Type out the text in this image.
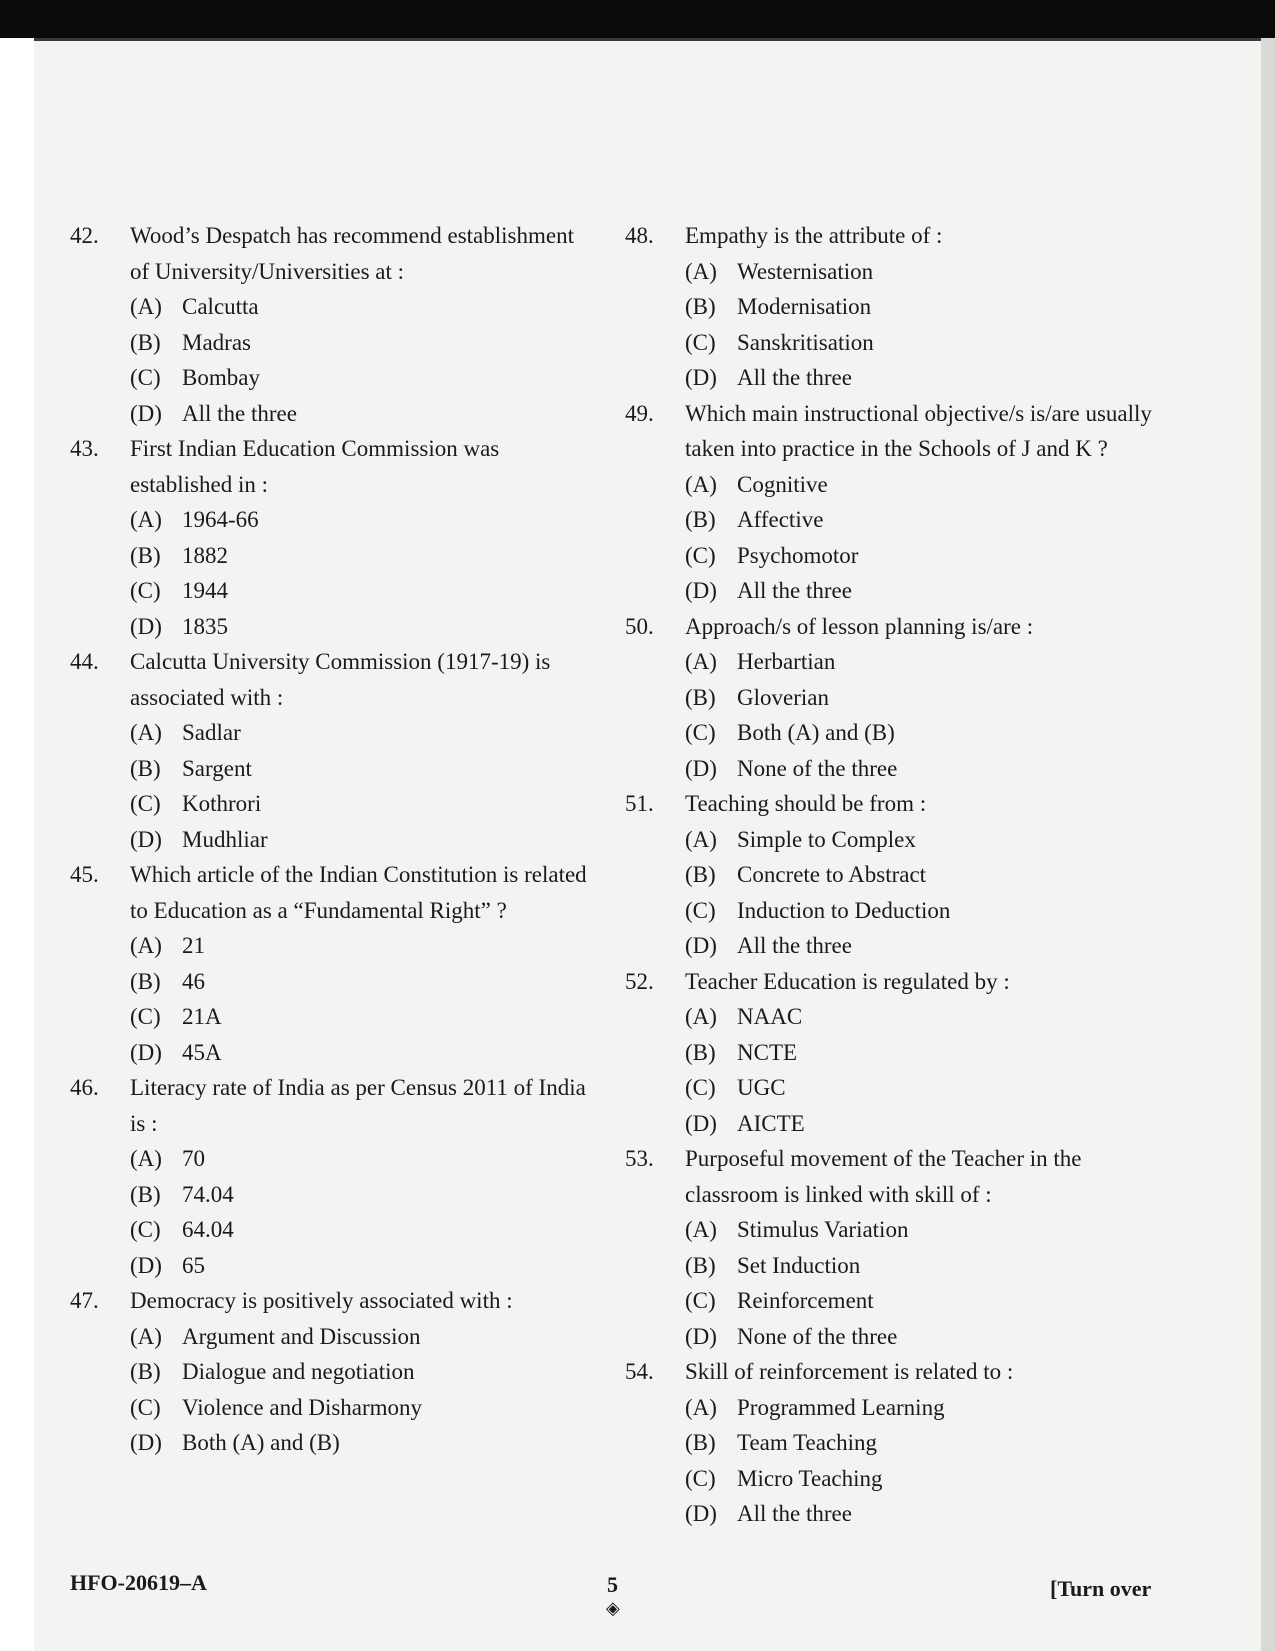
42. Wood’s Despatch has recommend establishment of University/Universities at :
(A) Calcutta
(B) Madras
(C) Bombay
(D) All the three
43. First Indian Education Commission was established in :
(A) 1964-66
(B) 1882
(C) 1944
(D) 1835
44. Calcutta University Commission (1917-19) is associated with :
(A) Sadlar
(B) Sargent
(C) Kothrori
(D) Mudhliar
45. Which article of the Indian Constitution is related to Education as a “Fundamental Right” ?
(A) 21
(B) 46
(C) 21A
(D) 45A
46. Literacy rate of India as per Census 2011 of India is :
(A) 70
(B) 74.04
(C) 64.04
(D) 65
47. Democracy is positively associated with :
(A) Argument and Discussion
(B) Dialogue and negotiation
(C) Violence and Disharmony
(D) Both (A) and (B)
48. Empathy is the attribute of :
(A) Westernisation
(B) Modernisation
(C) Sanskritisation
(D) All the three
49. Which main instructional objective/s is/are usually taken into practice in the Schools of J and K ?
(A) Cognitive
(B) Affective
(C) Psychomotor
(D) All the three
50. Approach/s of lesson planning is/are :
(A) Herbartian
(B) Gloverian
(C) Both (A) and (B)
(D) None of the three
51. Teaching should be from :
(A) Simple to Complex
(B) Concrete to Abstract
(C) Induction to Deduction
(D) All the three
52. Teacher Education is regulated by :
(A) NAAC
(B) NCTE
(C) UGC
(D) AICTE
53. Purposeful movement of the Teacher in the classroom is linked with skill of :
(A) Stimulus Variation
(B) Set Induction
(C) Reinforcement
(D) None of the three
54. Skill of reinforcement is related to :
(A) Programmed Learning
(B) Team Teaching
(C) Micro Teaching
(D) All the three
HFO-20619–A	5
◈
[Turn over
